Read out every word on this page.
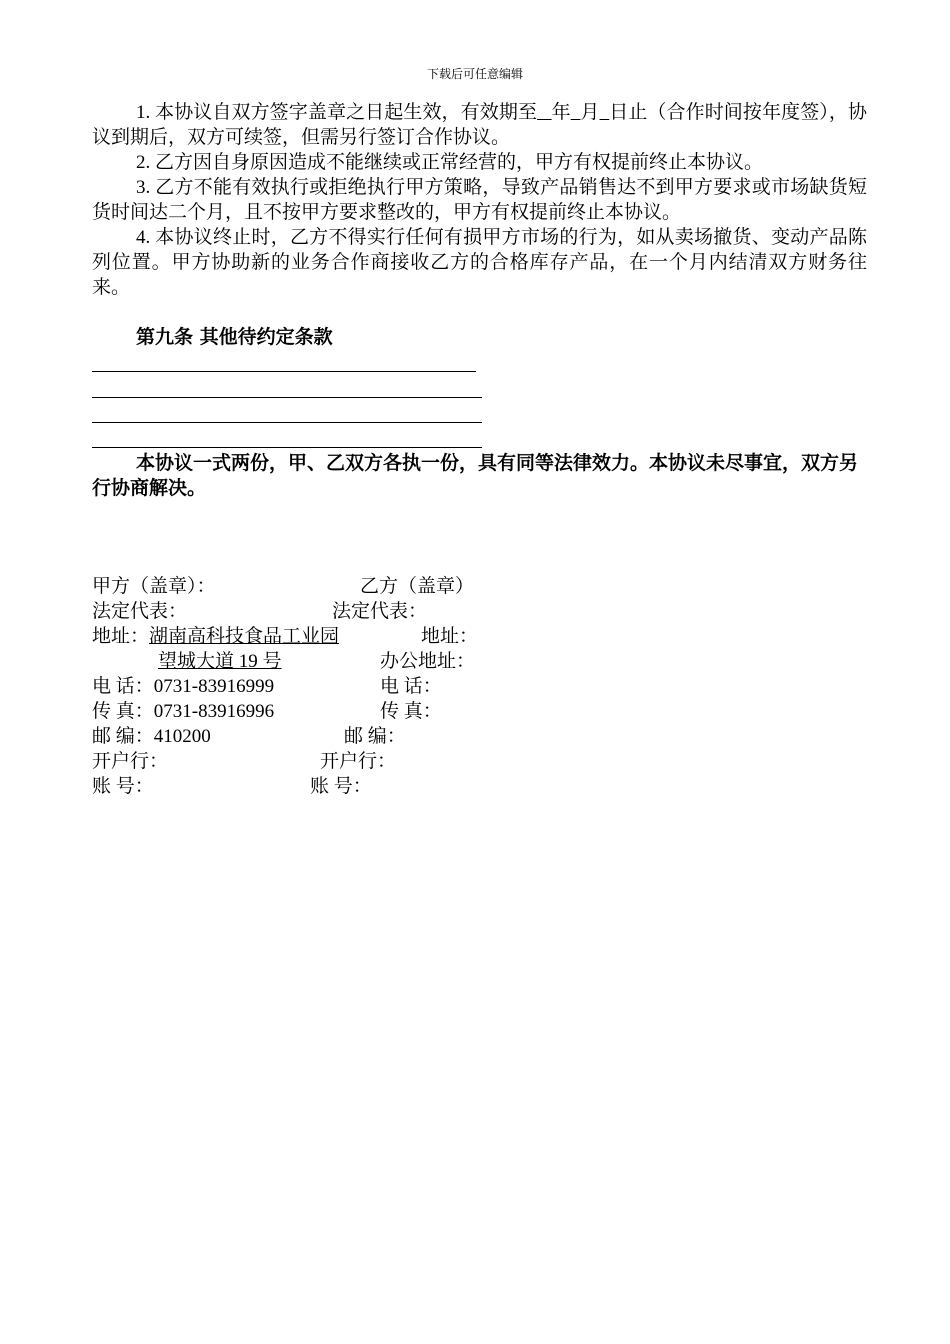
下载后可任意编辑

1. 本协议自双方签字盖章之日起生效，有效期至 年 月 日止（合作时间按年度签），协议到期后，双方可续签，但需另行签订合作协议。

2. 乙方因自身原因造成不能继续或正常经营的，甲方有权提前终止本协议。

3. 乙方不能有效执行或拒绝执行甲方策略，导致产品销售达不到甲方要求或市场缺货短货时间达二个月，且不按甲方要求整改的，甲方有权提前终止本协议。

4. 本协议终止时，乙方不得实行任何有损甲方市场的行为，如从卖场撤货、变动产品陈列位置。甲方协助新的业务合作商接收乙方的合格库存产品，在一个月内结清双方财务往来。

第九条 其他待约定条款

本协议一式两份，甲、乙双方各执一份，具有同等法律效力。本协议未尽事宜，双方另行协商解决。

甲方（盖章）：	乙方（盖章）
法定代表：	法定代表：
地址：湖南高科技食品工业园	地址：
望城大道 19 号	办公地址：
电 话：0731-83916999	电 话：
传 真：0731-83916996	传 真：
邮 编：410200	邮 编：
开户行：	开户行：
账 号：	账 号：
